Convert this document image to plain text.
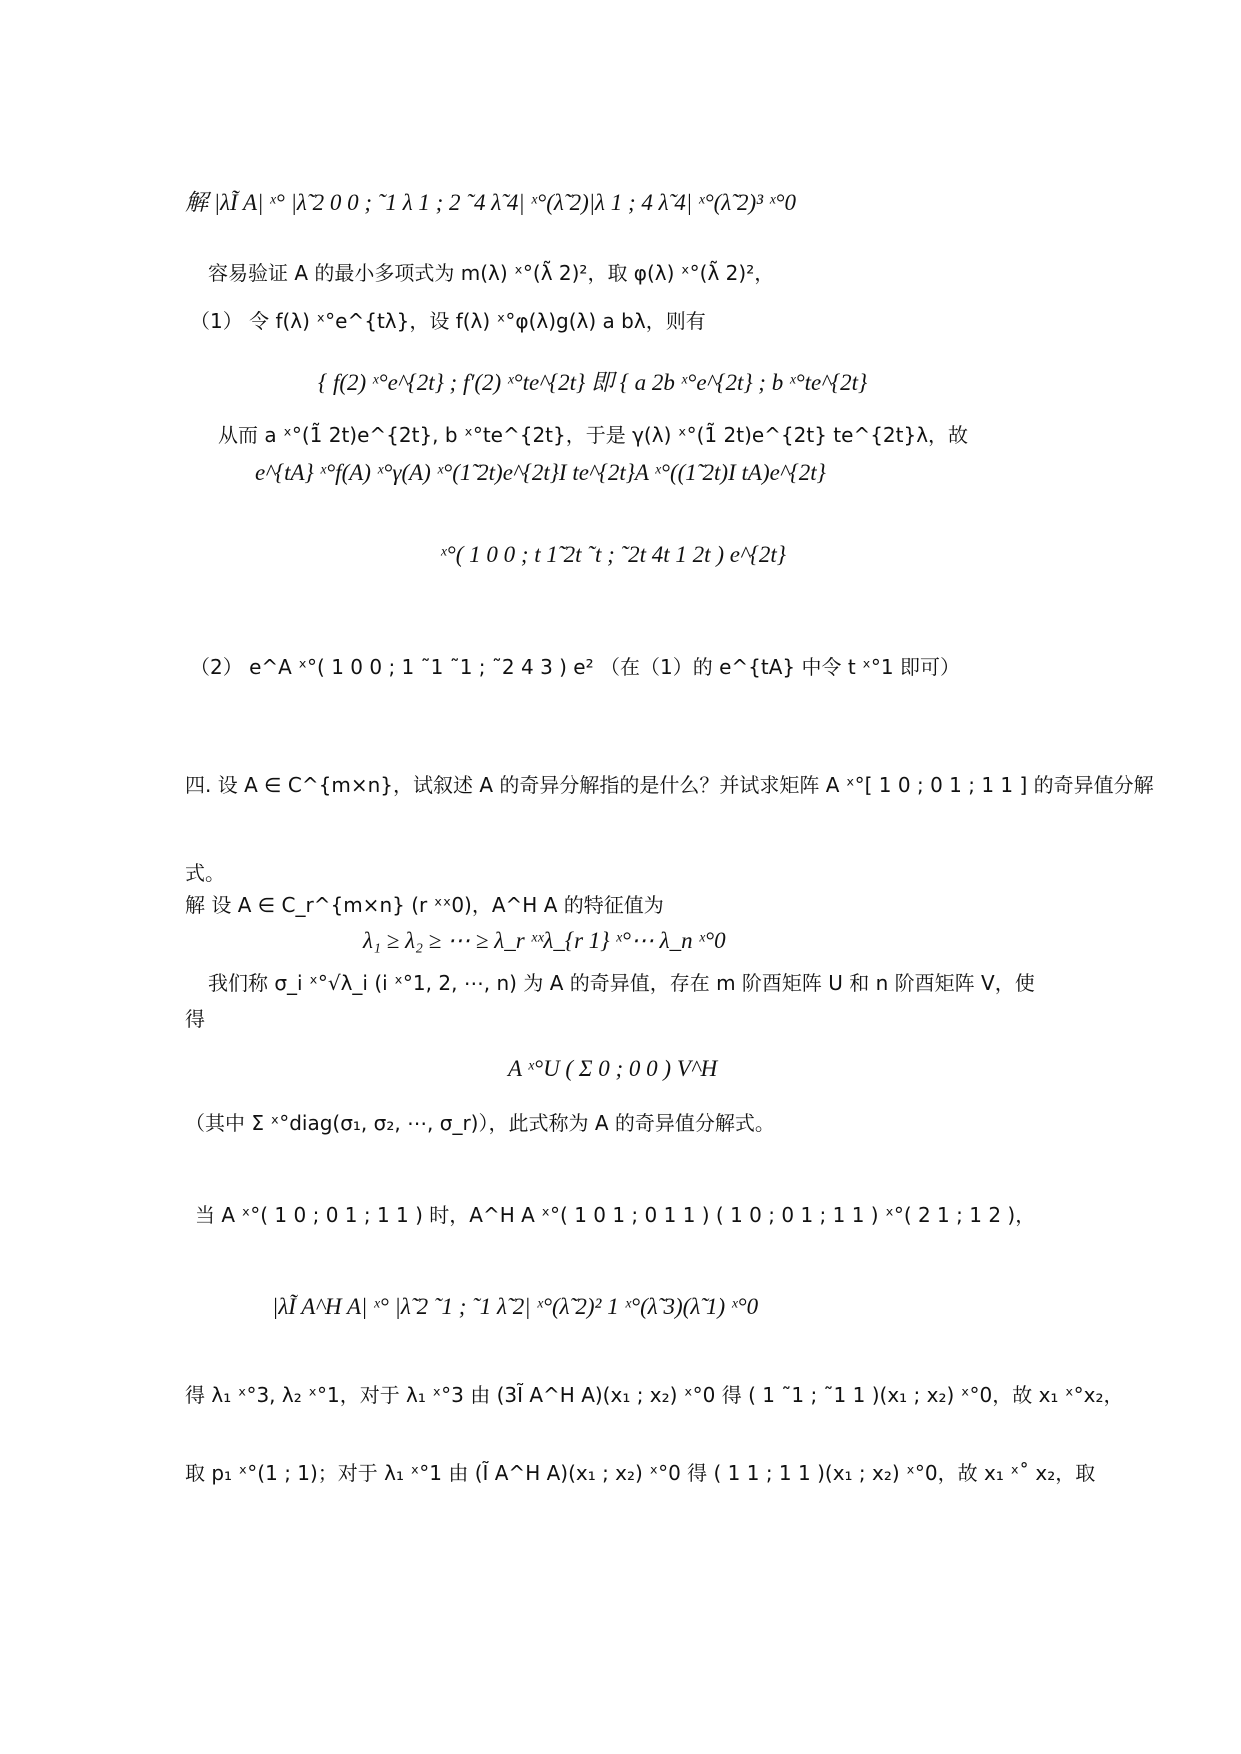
解 |λĨ A| ˣ° |λ̃ 2 0 0 ; ˜1 λ 1 ; 2 ˜4 λ̃ 4| ˣ°(λ̃ 2)|λ 1 ; 4 λ̃ 4| ˣ°(λ̃ 2)³ ˣ°0
容易验证 A 的最小多项式为 m(λ) ˣ°(λ̃ 2)²，取 φ(λ) ˣ°(λ̃ 2)²，
（1） 令 f(λ) ˣ°e^{tλ}，设 f(λ) ˣ°φ(λ)g(λ) a bλ，则有
{ f(2) ˣ°e^{2t} ; f′(2) ˣ°te^{2t} 即 { a 2b ˣ°e^{2t} ; b ˣ°te^{2t}
从而 a ˣ°(1̃ 2t)e^{2t}, b ˣ°te^{2t}，于是 γ(λ) ˣ°(1̃ 2t)e^{2t} te^{2t}λ，故
e^{tA} ˣ°f(A) ˣ°γ(A) ˣ°(1̃ 2t)e^{2t}I te^{2t}A ˣ°((1̃ 2t)I tA)e^{2t}
ˣ°( 1 0 0 ; t 1̃ 2t ˜t ; ˜2t 4t 1 2t ) e^{2t}
（2） e^A ˣ°( 1 0 0 ; 1 ˜1 ˜1 ; ˜2 4 3 ) e² （在（1）的 e^{tA} 中令 t ˣ°1 即可）
四. 设 A ∈ C^{m×n}，试叙述 A 的奇异分解指的是什么？并试求矩阵 A ˣ°[ 1 0 ; 0 1 ; 1 1 ] 的奇异值分解
式。
解 设 A ∈ C_r^{m×n} (r ˣˣ0)，A^H A 的特征值为
λ₁ ≥ λ₂ ≥ ⋯ ≥ λ_r ˣˣλ_{r 1} ˣ°⋯ λ_n ˣ°0
我们称 σ_i ˣ°√λ_i (i ˣ°1, 2, ⋯, n) 为 A 的奇异值，存在 m 阶酉矩阵 U 和 n 阶酉矩阵 V，使
得
A ˣ°U ( Σ 0 ; 0 0 ) V^H
（其中 Σ ˣ°diag(σ₁, σ₂, ⋯, σ_r)），此式称为 A 的奇异值分解式。
当 A ˣ°( 1 0 ; 0 1 ; 1 1 ) 时，A^H A ˣ°( 1 0 1 ; 0 1 1 ) ( 1 0 ; 0 1 ; 1 1 ) ˣ°( 2 1 ; 1 2 )，
|λĨ A^H A| ˣ° |λ̃ 2 ˜1 ; ˜1 λ̃ 2| ˣ°(λ̃ 2)² 1 ˣ°(λ̃ 3)(λ̃ 1) ˣ°0
得 λ₁ ˣ°3, λ₂ ˣ°1，对于 λ₁ ˣ°3 由 (3Ĩ A^H A)(x₁ ; x₂) ˣ°0 得 ( 1 ˜1 ; ˜1 1 )(x₁ ; x₂) ˣ°0，故 x₁ ˣ°x₂，
取 p₁ ˣ°(1 ; 1)；对于 λ₁ ˣ°1 由 (Ĩ A^H A)(x₁ ; x₂) ˣ°0 得 ( 1 1 ; 1 1 )(x₁ ; x₂) ˣ°0，故 x₁ ˣ˚ x₂，取
